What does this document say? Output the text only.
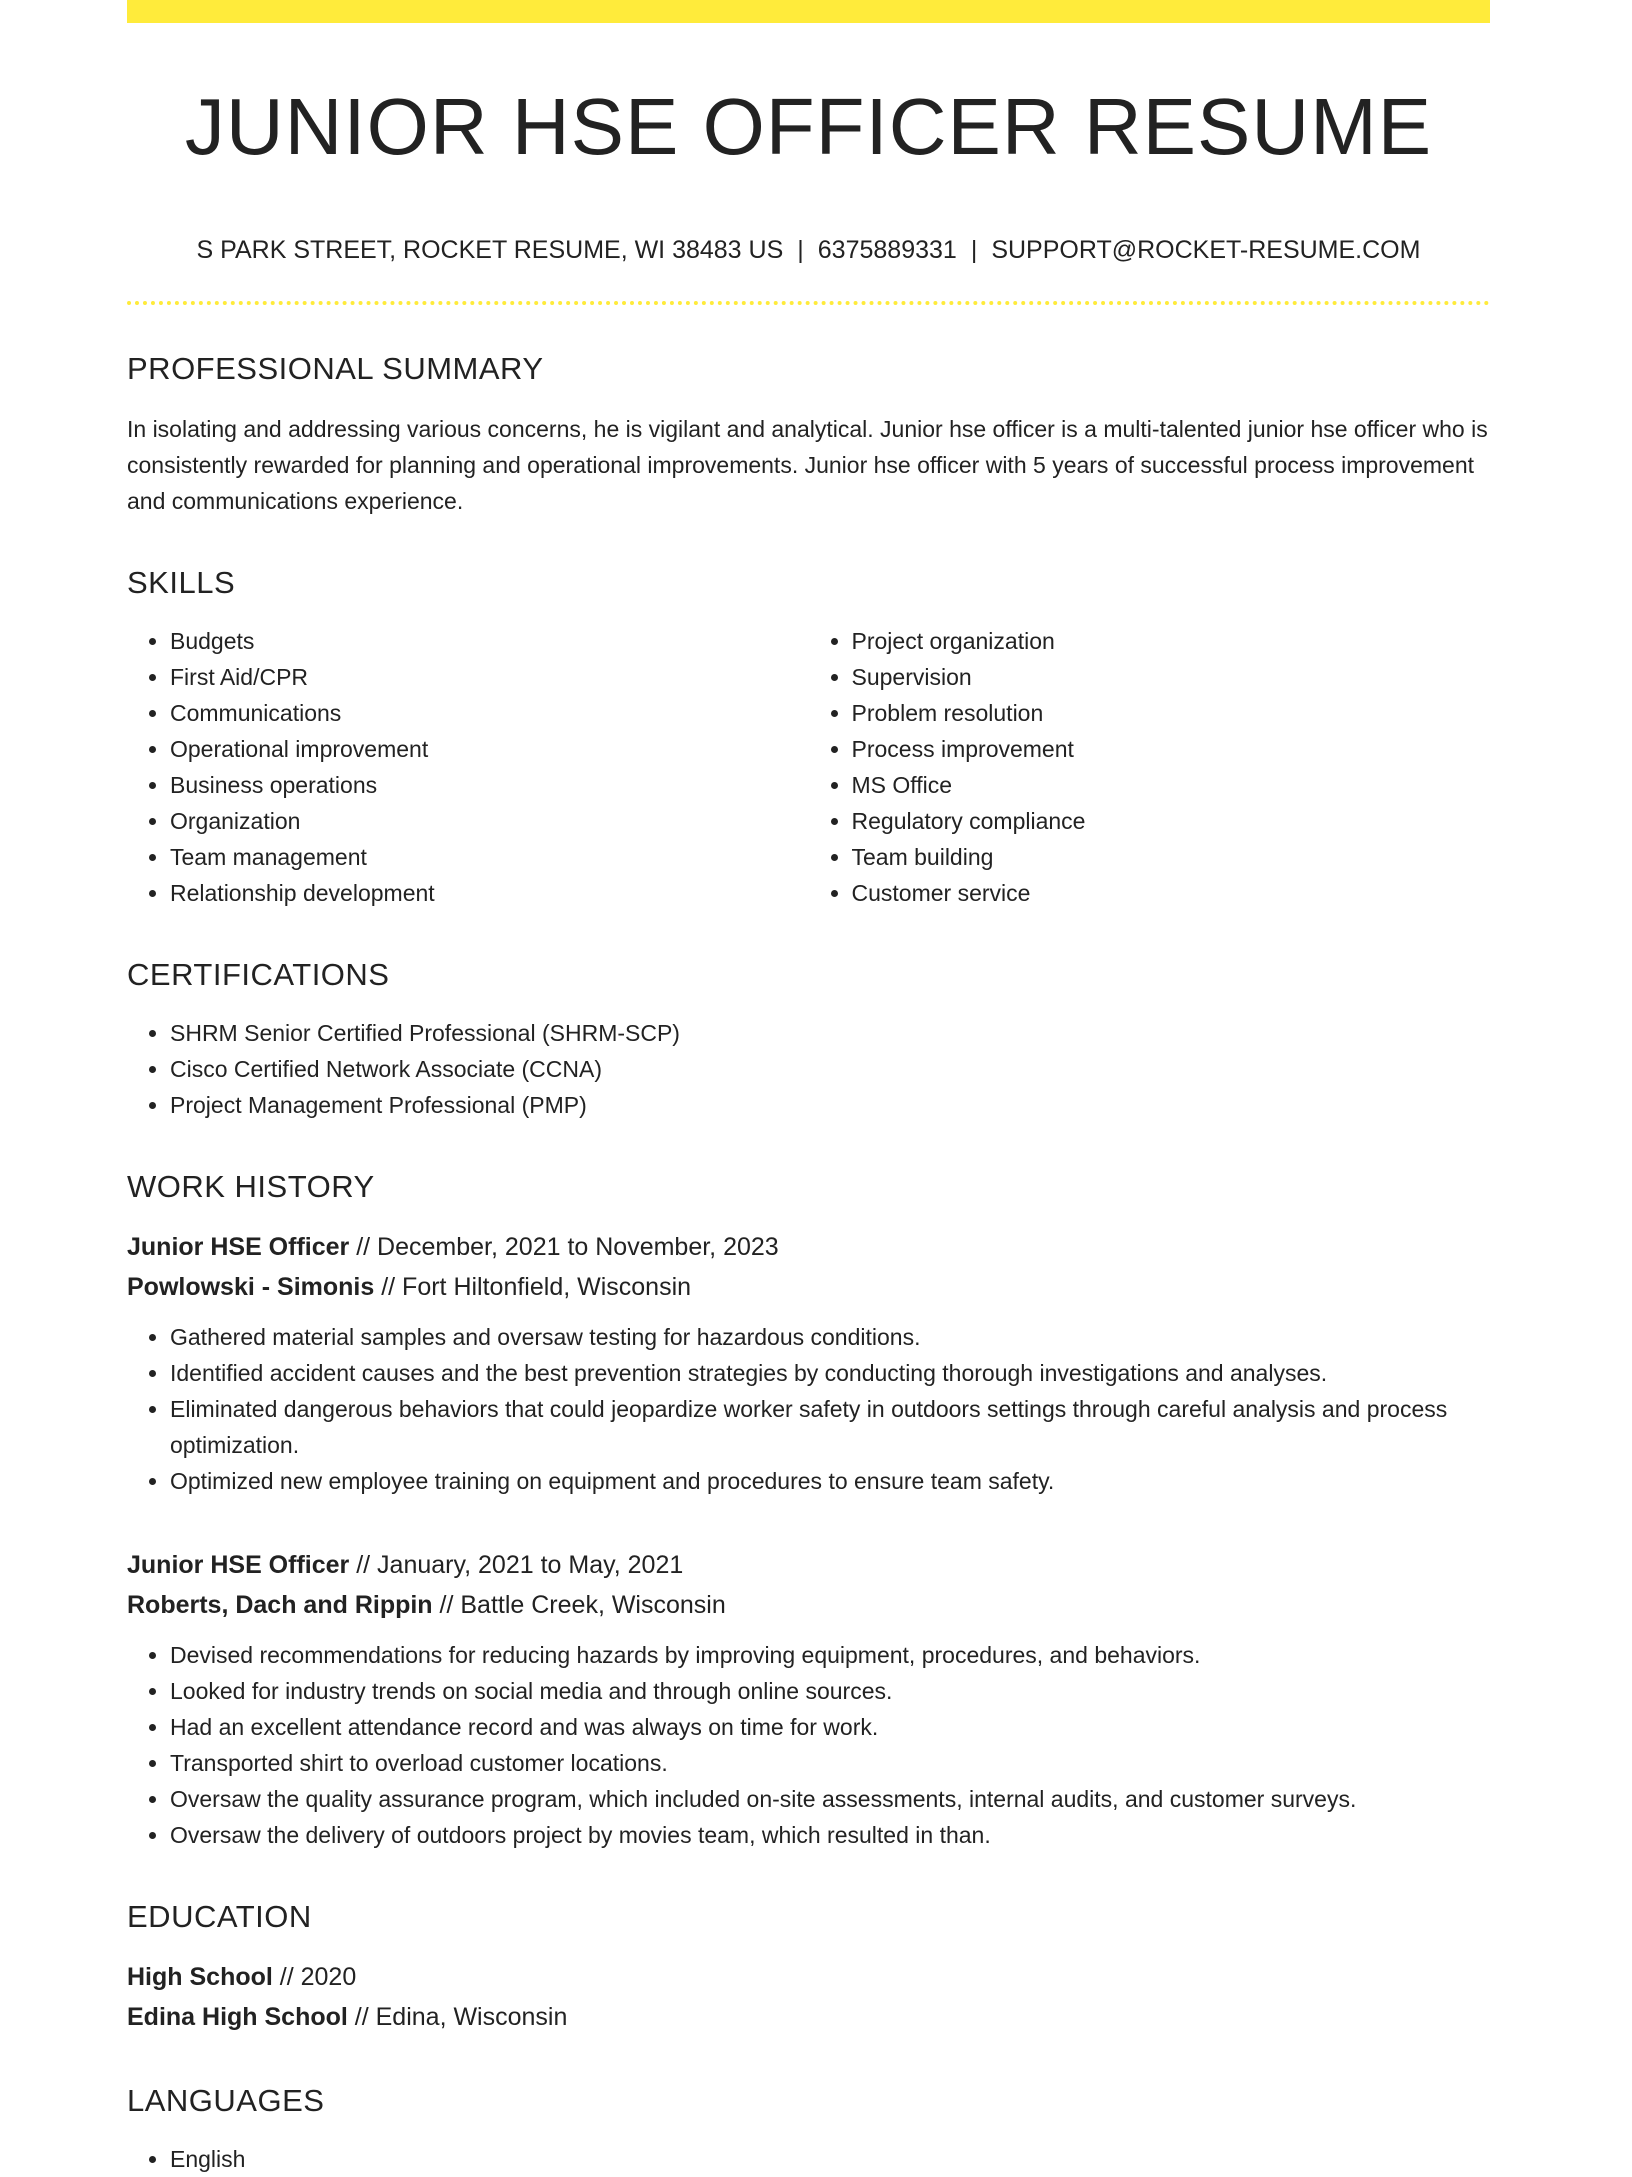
JUNIOR HSE OFFICER RESUME
S PARK STREET, ROCKET RESUME, WI 38483 US | 6375889331 | SUPPORT@ROCKET-RESUME.COM
PROFESSIONAL SUMMARY

In isolating and addressing various concerns, he is vigilant and analytical. Junior hse officer is a multi-talented junior hse officer who is consistently rewarded for planning and operational improvements. Junior hse officer with 5 years of successful process improvement and communications experience.

SKILLS
• Budgets
• First Aid/CPR
• Communications
• Operational improvement
• Business operations
• Organization
• Team management
• Relationship development
• Project organization
• Supervision
• Problem resolution
• Process improvement
• MS Office
• Regulatory compliance
• Team building
• Customer service
CERTIFICATIONS
• SHRM Senior Certified Professional (SHRM-SCP)
• Cisco Certified Network Associate (CCNA)
• Project Management Professional (PMP)
WORK HISTORY
Junior HSE Officer // December, 2021 to November, 2023
Powlowski - Simonis // Fort Hiltonfield, Wisconsin
• Gathered material samples and oversaw testing for hazardous conditions.
• Identified accident causes and the best prevention strategies by conducting thorough investigations and analyses.
• Eliminated dangerous behaviors that could jeopardize worker safety in outdoors settings through careful analysis and process optimization.
• Optimized new employee training on equipment and procedures to ensure team safety.
Junior HSE Officer // January, 2021 to May, 2021
Roberts, Dach and Rippin // Battle Creek, Wisconsin
• Devised recommendations for reducing hazards by improving equipment, procedures, and behaviors.
• Looked for industry trends on social media and through online sources.
• Had an excellent attendance record and was always on time for work.
• Transported shirt to overload customer locations.
• Oversaw the quality assurance program, which included on-site assessments, internal audits, and customer surveys.
• Oversaw the delivery of outdoors project by movies team, which resulted in than.
EDUCATION
High School // 2020
Edina High School // Edina, Wisconsin
LANGUAGES
• English
